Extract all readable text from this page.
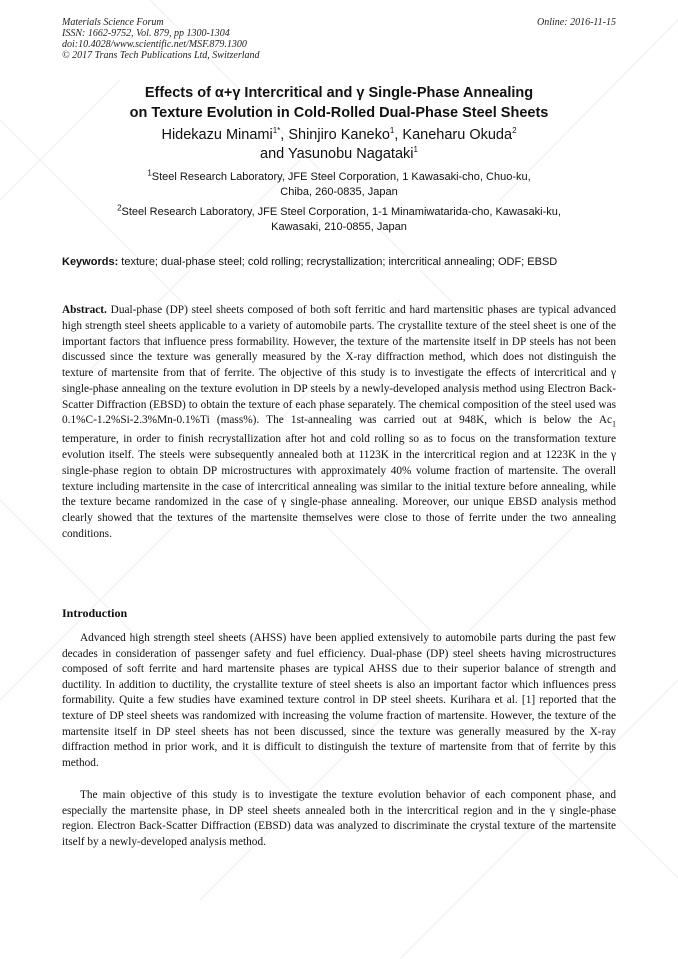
Materials Science Forum
ISSN: 1662-9752, Vol. 879, pp 1300-1304
doi:10.4028/www.scientific.net/MSF.879.1300
© 2017 Trans Tech Publications Ltd, Switzerland
Online: 2016-11-15
Effects of α+γ Intercritical and γ Single-Phase Annealing
on Texture Evolution in Cold-Rolled Dual-Phase Steel Sheets
Hidekazu Minami$^{1*}$, Shinjiro Kaneko$^1$, Kaneharu Okuda$^2$
and Yasunobu Nagataki$^1$
$^1$Steel Research Laboratory, JFE Steel Corporation, 1 Kawasaki-cho, Chuo-ku,
Chiba, 260-0835, Japan
$^2$Steel Research Laboratory, JFE Steel Corporation, 1-1 Minamiwatarida-cho, Kawasaki-ku,
Kawasaki, 210-0855, Japan
Keywords: texture; dual-phase steel; cold rolling; recrystallization; intercritical annealing; ODF; EBSD

Abstract. Dual-phase (DP) steel sheets composed of both soft ferritic and hard martensitic phases are typical advanced high strength steel sheets applicable to a variety of automobile parts. The crystallite texture of the steel sheet is one of the important factors that influence press formability. However, the texture of the martensite itself in DP steels has not been discussed since the texture was generally measured by the X-ray diffraction method, which does not distinguish the texture of martensite from that of ferrite. The objective of this study is to investigate the effects of intercritical and γ single-phase annealing on the texture evolution in DP steels by a newly-developed analysis method using Electron Back-Scatter Diffraction (EBSD) to obtain the texture of each phase separately. The chemical composition of the steel used was 0.1%C-1.2%Si-2.3%Mn-0.1%Ti (mass%). The 1st-annealing was carried out at 948K, which is below the $Ac_1$ temperature, in order to finish recrystallization after hot and cold rolling so as to focus on the transformation texture evolution itself. The steels were subsequently annealed both at 1123K in the intercritical region and at 1223K in the γ single-phase region to obtain DP microstructures with approximately 40% volume fraction of martensite. The overall texture including martensite in the case of intercritical annealing was similar to the initial texture before annealing, while the texture became randomized in the case of γ single-phase annealing. Moreover, our unique EBSD analysis method clearly showed that the textures of the martensite themselves were close to those of ferrite under the two annealing conditions.

Introduction

Advanced high strength steel sheets (AHSS) have been applied extensively to automobile parts during the past few decades in consideration of passenger safety and fuel efficiency. Dual-phase (DP) steel sheets having microstructures composed of soft ferrite and hard martensite phases are typical AHSS due to their superior balance of strength and ductility. In addition to ductility, the crystallite texture of steel sheets is also an important factor which influences press formability. Quite a few studies have examined texture control in DP steel sheets. Kurihara et al. [1] reported that the texture of DP steel sheets was randomized with increasing the volume fraction of martensite. However, the texture of the martensite itself in DP steel sheets has not been discussed, since the texture was generally measured by the X-ray diffraction method in prior work, and it is difficult to distinguish the texture of martensite from that of ferrite by this method.

The main objective of this study is to investigate the texture evolution behavior of each component phase, and especially the martensite phase, in DP steel sheets annealed both in the intercritical region and in the γ single-phase region. Electron Back-Scatter Diffraction (EBSD) data was analyzed to discriminate the crystal texture of the martensite itself by a newly-developed analysis method.
